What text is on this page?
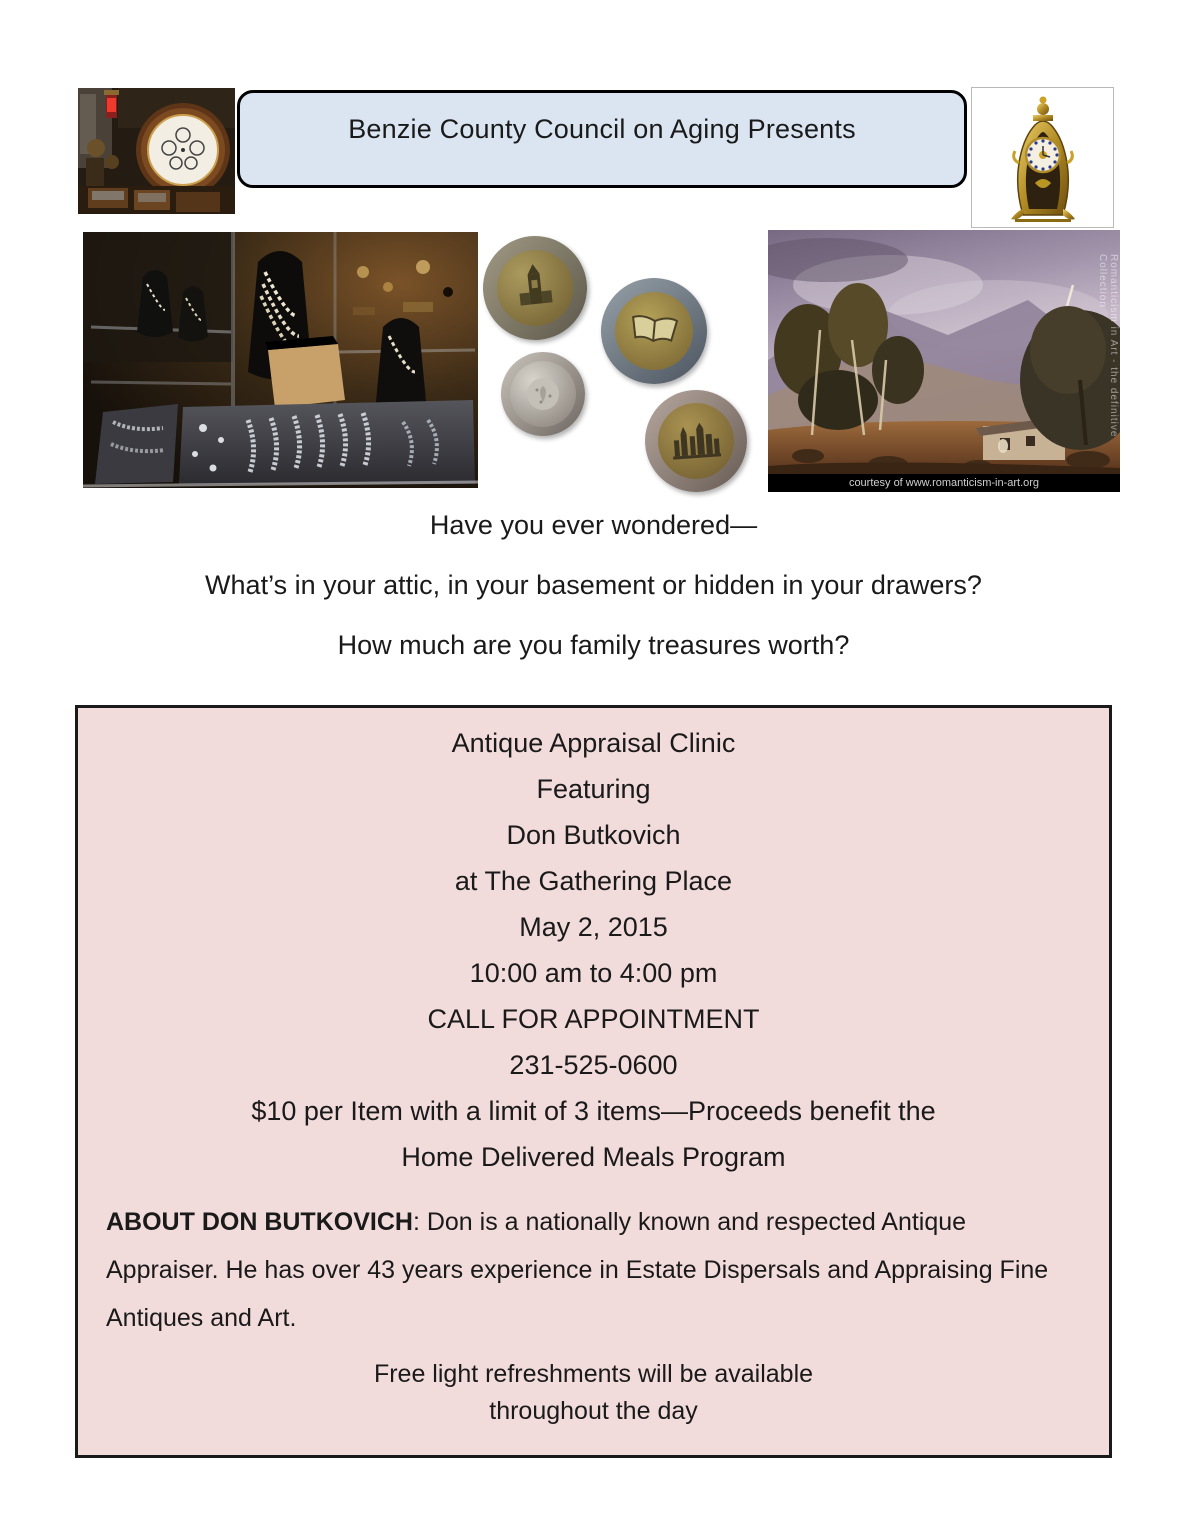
Benzie County Council on Aging Presents
Romanticism in Art - the definitive Collection
courtesy of www.romanticism-in-art.org
Have you ever wondered—
What’s in your attic, in your basement or hidden in your drawers?
How much are you family treasures worth?
Antique Appraisal Clinic
Featuring
Don Butkovich
at The Gathering Place
May 2, 2015
10:00 am to 4:00 pm
CALL FOR APPOINTMENT
231-525-0600
$10 per Item with a limit of 3 items—Proceeds benefit the
Home Delivered Meals Program

ABOUT DON BUTKOVICH: Don is a nationally known and respected Antique Appraiser. He has over 43 years experience in Estate Dispersals and Appraising Fine Antiques and Art.

Free light refreshments will be available
throughout the day
